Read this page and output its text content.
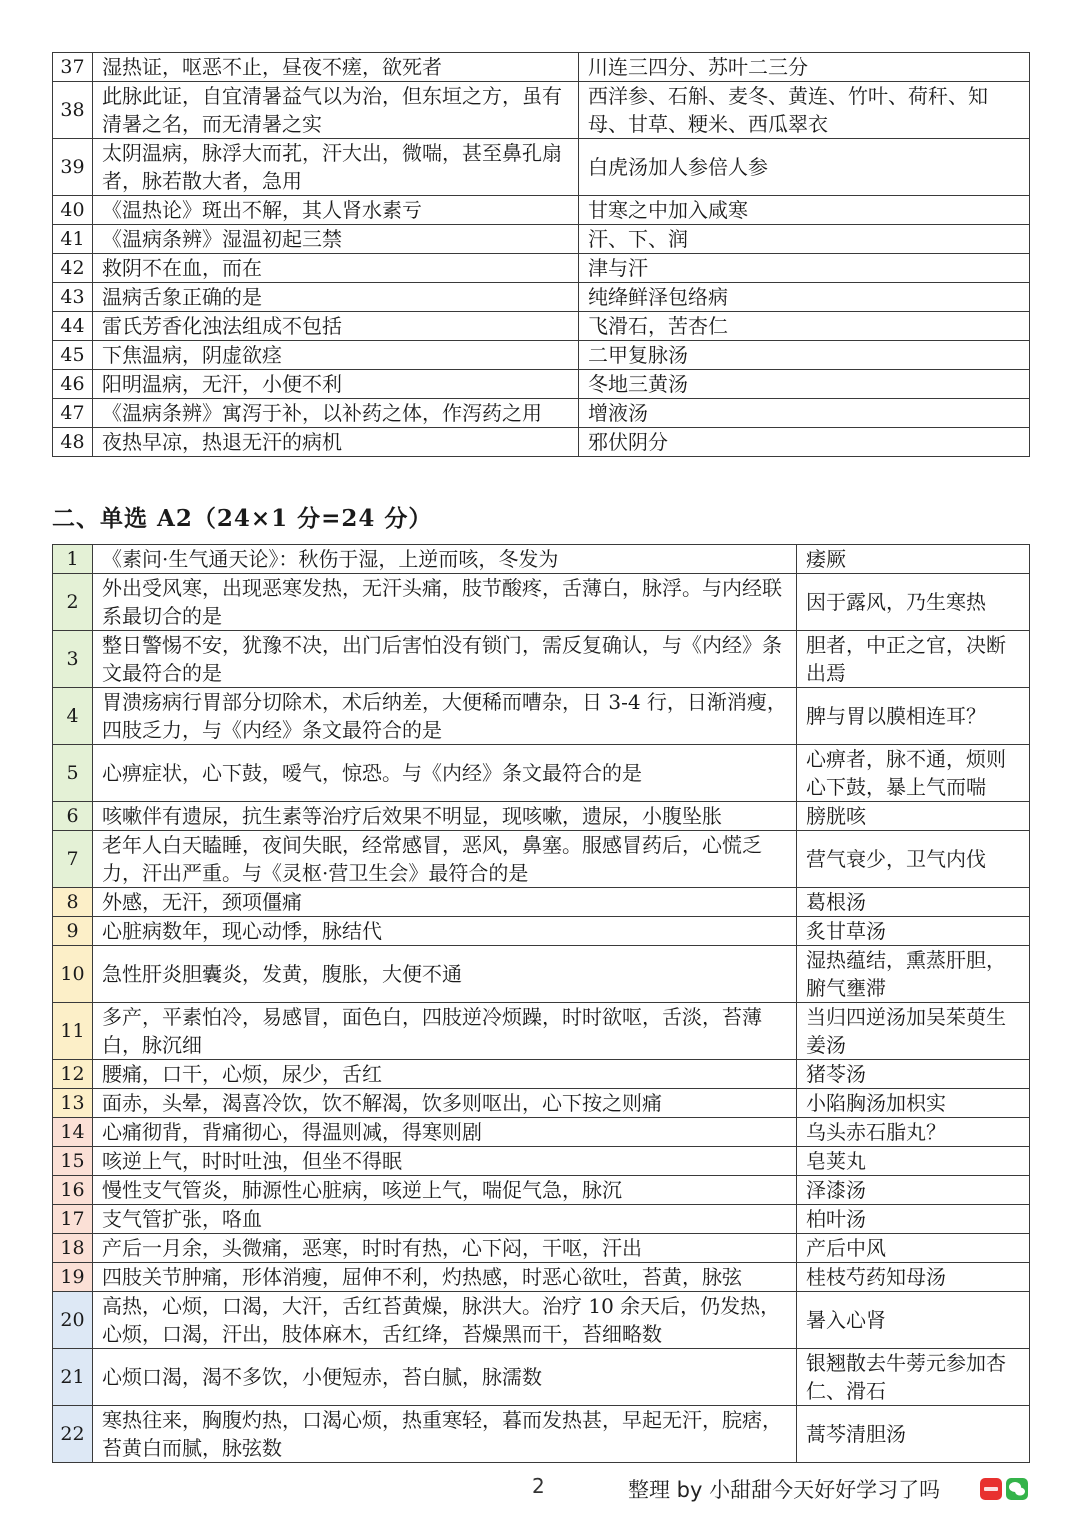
37	湿热证，呕恶不止，昼夜不瘥，欲死者	川连三四分、苏叶二三分
38	此脉此证，自宜清暑益气以为治，但东垣之方，虽有清暑之名，而无清暑之实	西洋参、石斛、麦冬、黄连、竹叶、荷秆、知母、甘草、粳米、西瓜翠衣
39	太阴温病，脉浮大而芤，汗大出，微喘，甚至鼻孔扇者，脉若散大者，急用	白虎汤加人参倍人参
40	《温热论》斑出不解，其人肾水素亏	甘寒之中加入咸寒
41	《温病条辨》湿温初起三禁	汗、下、润
42	救阴不在血，而在	津与汗
43	温病舌象正确的是	纯绛鲜泽包络病
44	雷氏芳香化浊法组成不包括	飞滑石，苦杏仁
45	下焦温病，阴虚欲痉	二甲复脉汤
46	阳明温病，无汗，小便不利	冬地三黄汤
47	《温病条辨》寓泻于补，以补药之体，作泻药之用	增液汤
48	夜热早凉，热退无汗的病机	邪伏阴分
二、单选 A2（24×1 分=24 分）
1	《素问·生气通天论》：秋伤于湿，上逆而咳，冬发为	痿厥
2	外出受风寒，出现恶寒发热，无汗头痛，肢节酸疼，舌薄白，脉浮。与内经联系最切合的是	因于露风，乃生寒热
3	整日警惕不安，犹豫不决，出门后害怕没有锁门，需反复确认，与《内经》条文最符合的是	胆者，中正之官，决断出焉
4	胃溃疡病行胃部分切除术，术后纳差，大便稀而嘈杂，日 3-4 行，日渐消瘦，四肢乏力，与《内经》条文最符合的是	脾与胃以膜相连耳？
5	心痹症状，心下鼓，嗳气，惊恐。与《内经》条文最符合的是	心痹者，脉不通，烦则心下鼓，暴上气而喘
6	咳嗽伴有遗尿，抗生素等治疗后效果不明显，现咳嗽，遗尿，小腹坠胀	膀胱咳
7	老年人白天瞌睡，夜间失眠，经常感冒，恶风，鼻塞。服感冒药后，心慌乏力，汗出严重。与《灵枢·营卫生会》最符合的是	营气衰少，卫气内伐
8	外感，无汗，颈项僵痛	葛根汤
9	心脏病数年，现心动悸，脉结代	炙甘草汤
10	急性肝炎胆囊炎，发黄，腹胀，大便不通	湿热蕴结，熏蒸肝胆，腑气壅滞
11	多产，平素怕冷，易感冒，面色白，四肢逆冷烦躁，时时欲呕，舌淡，苔薄白，脉沉细	当归四逆汤加吴茱萸生姜汤
12	腰痛，口干，心烦，尿少，舌红	猪苓汤
13	面赤，头晕，渴喜冷饮，饮不解渴，饮多则呕出，心下按之则痛	小陷胸汤加枳实
14	心痛彻背，背痛彻心，得温则减，得寒则剧	乌头赤石脂丸？
15	咳逆上气，时时吐浊，但坐不得眠	皂荚丸
16	慢性支气管炎，肺源性心脏病，咳逆上气，喘促气急，脉沉	泽漆汤
17	支气管扩张，咯血	柏叶汤
18	产后一月余，头微痛，恶寒，时时有热，心下闷，干呕，汗出	产后中风
19	四肢关节肿痛，形体消瘦，屈伸不利，灼热感，时恶心欲吐，苔黄，脉弦	桂枝芍药知母汤
20	高热，心烦，口渴，大汗，舌红苔黄燥，脉洪大。治疗 10 余天后，仍发热，心烦，口渴，汗出，肢体麻木，舌红绛，苔燥黑而干，苔细略数	暑入心肾
21	心烦口渴，渴不多饮，小便短赤，苔白腻，脉濡数	银翘散去牛蒡元参加杏仁、滑石
22	寒热往来，胸腹灼热，口渴心烦，热重寒轻，暮而发热甚，早起无汗，脘痞，苔黄白而腻，脉弦数	蒿芩清胆汤
2	整理 by 小甜甜今天好好学习了吗
